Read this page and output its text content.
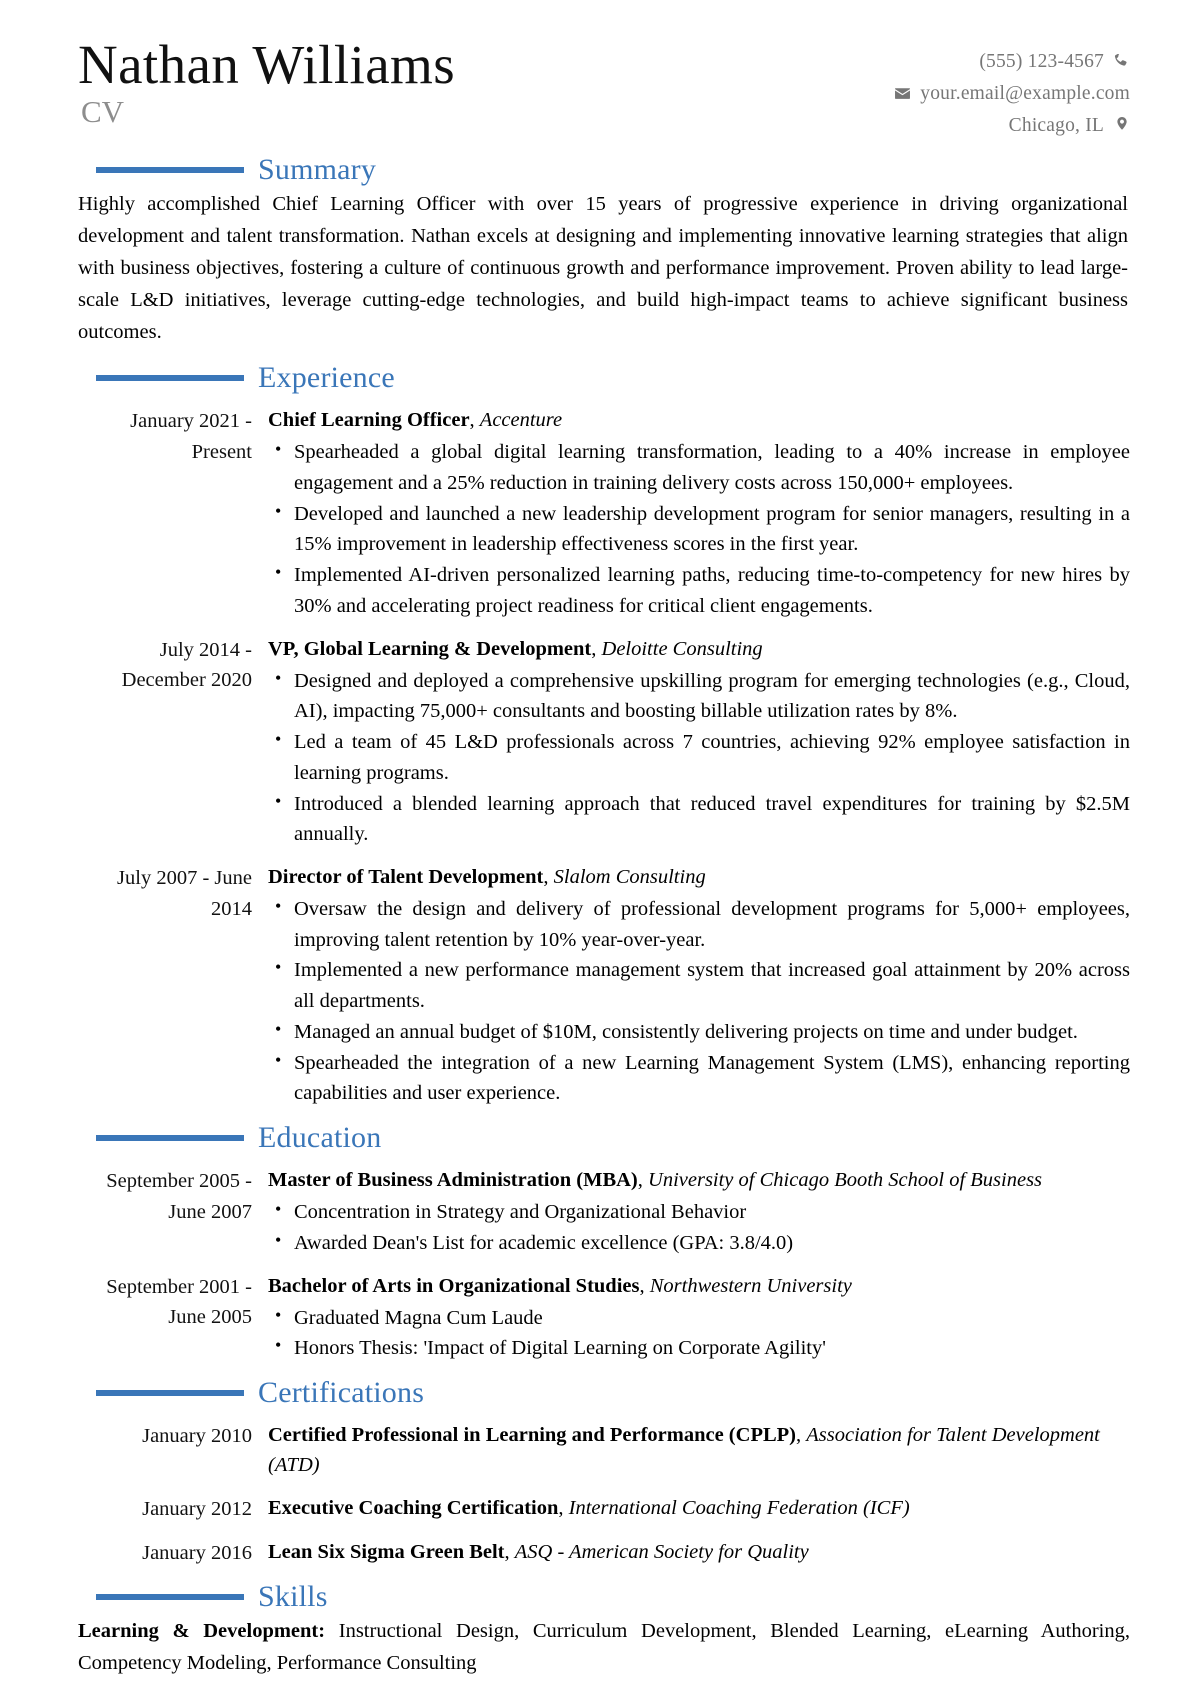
Nathan Williams
CV
(555) 123-4567
your.email@example.com
Chicago, IL
Summary

Highly accomplished Chief Learning Officer with over 15 years of progressive experience in driving organizational development and talent transformation. Nathan excels at designing and implementing innovative learning strategies that align with business objectives, fostering a culture of continuous growth and performance improvement. Proven ability to lead large-scale L&D initiatives, leverage cutting-edge technologies, and build high-impact teams to achieve significant business outcomes.

Experience
January 2021 - Present
Chief Learning Officer, Accenture
• Spearheaded a global digital learning transformation, leading to a 40% increase in employee engagement and a 25% reduction in training delivery costs across 150,000+ employees.
• Developed and launched a new leadership development program for senior managers, resulting in a 15% improvement in leadership effectiveness scores in the first year.
• Implemented AI-driven personalized learning paths, reducing time-to-competency for new hires by 30% and accelerating project readiness for critical client engagements.
July 2014 - December 2020
VP, Global Learning & Development, Deloitte Consulting
• Designed and deployed a comprehensive upskilling program for emerging technologies (e.g., Cloud, AI), impacting 75,000+ consultants and boosting billable utilization rates by 8%.
• Led a team of 45 L&D professionals across 7 countries, achieving 92% employee satisfaction in learning programs.
• Introduced a blended learning approach that reduced travel expenditures for training by $2.5M annually.
July 2007 - June 2014
Director of Talent Development, Slalom Consulting
• Oversaw the design and delivery of professional development programs for 5,000+ employees, improving talent retention by 10% year-over-year.
• Implemented a new performance management system that increased goal attainment by 20% across all departments.
• Managed an annual budget of $10M, consistently delivering projects on time and under budget.
• Spearheaded the integration of a new Learning Management System (LMS), enhancing reporting capabilities and user experience.
Education
September 2005 - June 2007
Master of Business Administration (MBA), University of Chicago Booth School of Business
• Concentration in Strategy and Organizational Behavior
• Awarded Dean's List for academic excellence (GPA: 3.8/4.0)
September 2001 - June 2005
Bachelor of Arts in Organizational Studies, Northwestern University
• Graduated Magna Cum Laude
• Honors Thesis: 'Impact of Digital Learning on Corporate Agility'
Certifications
January 2010 Certified Professional in Learning and Performance (CPLP), Association for Talent Development (ATD)
January 2012 Executive Coaching Certification, International Coaching Federation (ICF)
January 2016 Lean Six Sigma Green Belt, ASQ - American Society for Quality
Skills
Learning & Development: Instructional Design, Curriculum Development, Blended Learning, eLearning Authoring, Competency Modeling, Performance Consulting
